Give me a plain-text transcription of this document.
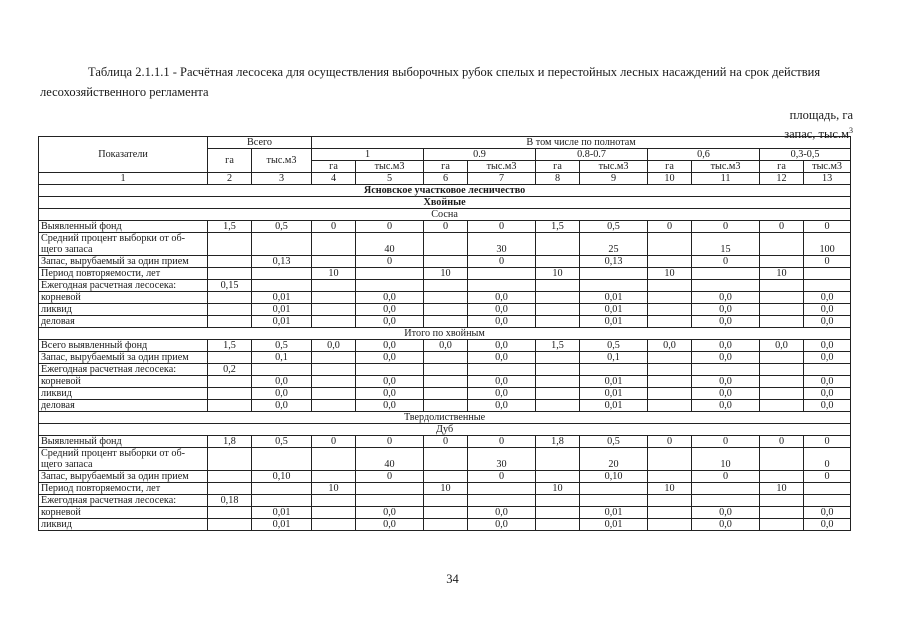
Таблица 2.1.1.1 - Расчётная лесосека для осуществления выборочных рубок спелых и перестойных лесных насаждений на срок действия лесохозяйственного регламента
площадь, га
запас, $тыс.м^3$
Показатели	Всего		В том числе по полнотам									
	га	тыс.м3	1		0.9		0.8-0.7		0,6		0,3-0,5	
			га	тыс.м3	га	тыс.м3	га	тыс.м3	га	тыс.м3	га	тыс.м3
1	2	3	4	5	6	7	8	9	10	11	12	13
Ясновское участковое лесничество												
Хвойные												
Сосна												
Выявленный фонд	1,5	0,5	0	0	0	0	1,5	0,5	0	0	0	0
Средний процент выборки от об-щего запаса				40		30		25		15		100
Запас, вырубаемый за один прием		0,13		0		0		0,13		0		0
Период повторяемости, лет			10		10		10		10		10	
Ежегодная расчетная лесосека:	0,15											
корневой		0,01		0,0		0,0		0,01		0,0		0,0
ликвид		0,01		0,0		0,0		0,01		0,0		0,0
деловая		0,01		0,0		0,0		0,01		0,0		0,0
Итого по хвойным												
Всего выявленный фонд	1,5	0,5	0,0	0,0	0,0	0,0	1,5	0,5	0,0	0,0	0,0	0,0
Запас, вырубаемый за один прием		0,1		0,0		0,0		0,1		0,0		0,0
Ежегодная расчетная лесосека:	0,2											
корневой		0,0		0,0		0,0		0,01		0,0		0,0
ликвид		0,0		0,0		0,0		0,01		0,0		0,0
деловая		0,0		0,0		0,0		0,01		0,0		0,0
Твердолиственные												
Дуб												
Выявленный фонд	1,8	0,5	0	0	0	0	1,8	0,5	0	0	0	0
Средний процент выборки от об-щего запаса				40		30		20		10		0
Запас, вырубаемый за один прием		0,10		0		0		0,10		0		0
Период повторяемости, лет			10		10		10		10		10	
Ежегодная расчетная лесосека:	0,18											
корневой		0,01		0,0		0,0		0,01		0,0		0,0
ликвид		0,01		0,0		0,0		0,01		0,0		0,0
34
